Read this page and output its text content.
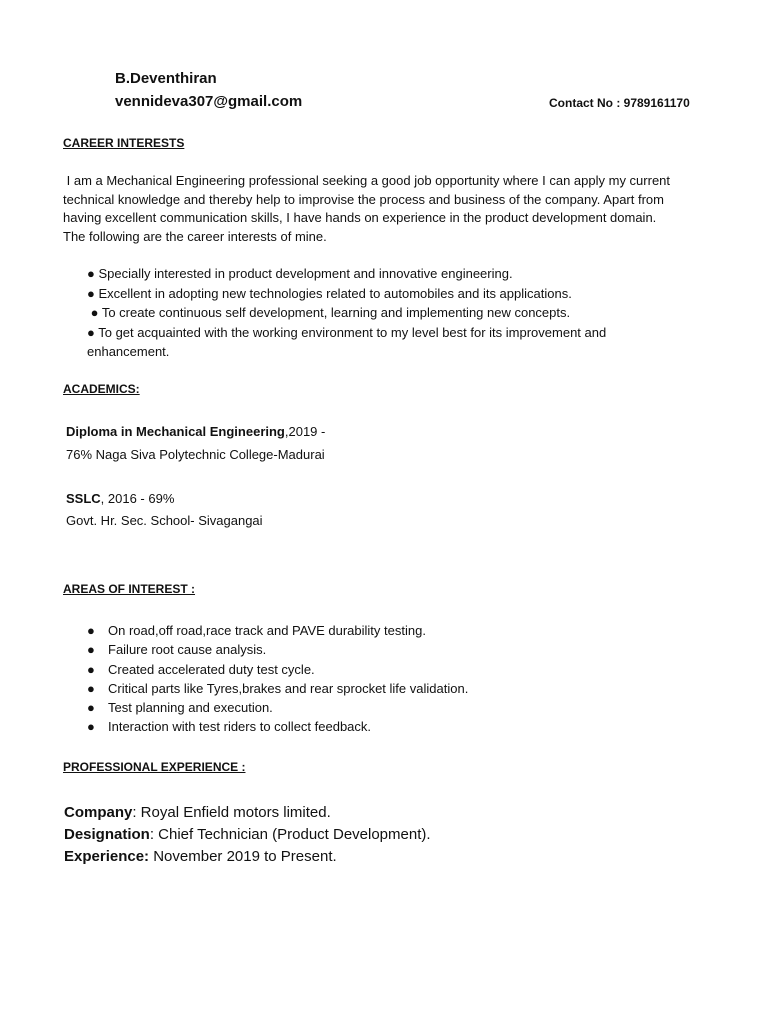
B.Deventhiran
vennideva307@gmail.com	Contact No : 9789161170
CAREER INTERESTS
I am a Mechanical Engineering professional seeking a good job opportunity where I can apply my current
technical knowledge and thereby help to improvise the process and business of the company. Apart from
having excellent communication skills, I have hands on experience in the product development domain.
The following are the career interests of mine.
● Specially interested in product development and innovative engineering.
● Excellent in adopting new technologies related to automobiles and its applications.
● To create continuous self development, learning and implementing new concepts.
● To get acquainted with the working environment to my level best for its improvement and
enhancement.
ACADEMICS:
Diploma in Mechanical Engineering,2019 -
76% Naga Siva Polytechnic College-Madurai
SSLC, 2016 - 69%
Govt. Hr. Sec. School- Sivagangai
AREAS OF INTEREST :
● On road,off road,race track and PAVE durability testing.
● Failure root cause analysis.
● Created accelerated duty test cycle.
● Critical parts like Tyres,brakes and rear sprocket life validation.
● Test planning and execution.
● Interaction with test riders to collect feedback.
PROFESSIONAL EXPERIENCE :
Company: Royal Enfield motors limited.
Designation: Chief Technician (Product Development).
Experience: November 2019 to Present.
